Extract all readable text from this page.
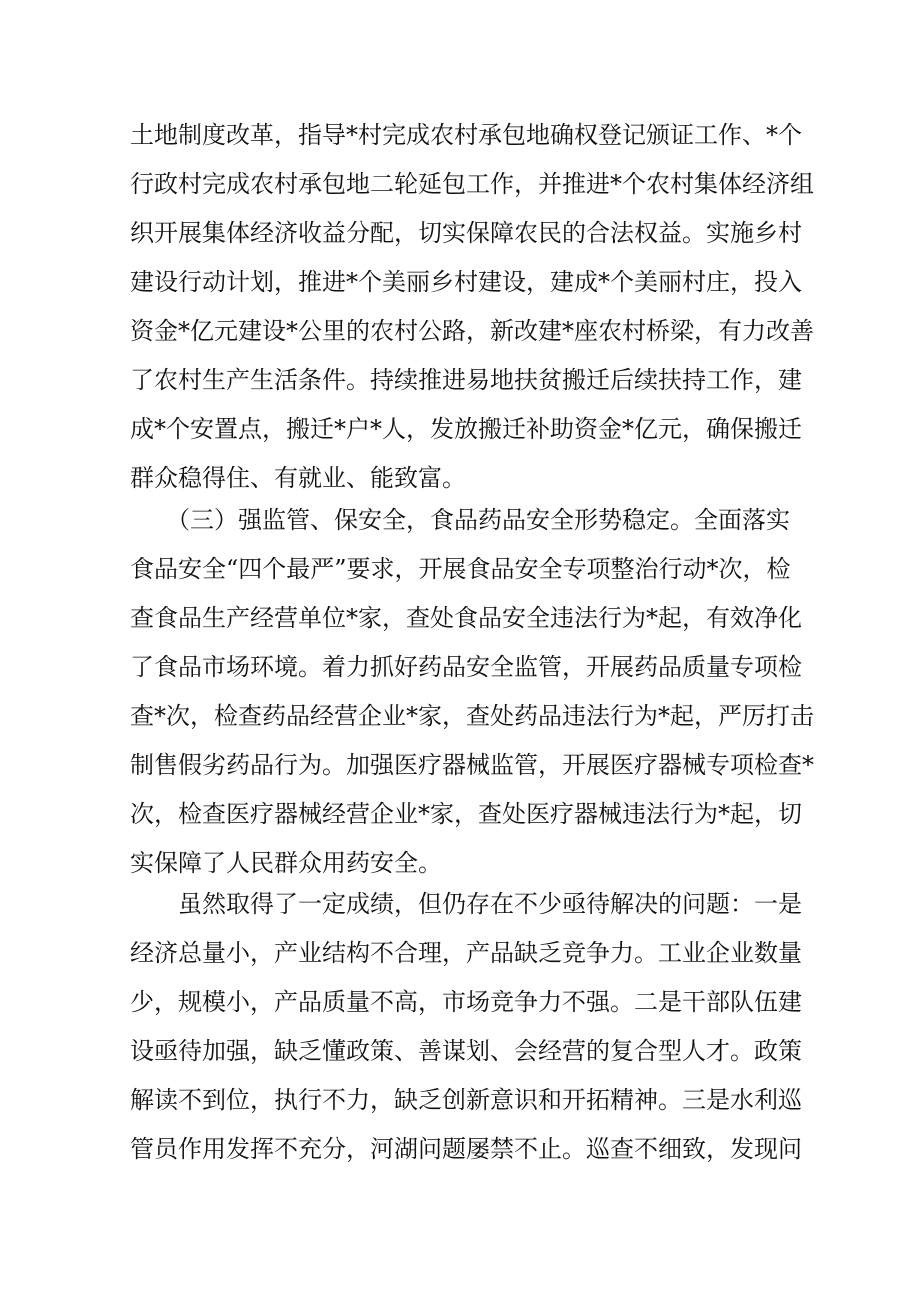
土地制度改革，指导*村完成农村承包地确权登记颁证工作、*个
行政村完成农村承包地二轮延包工作，并推进*个农村集体经济组
织开展集体经济收益分配，切实保障农民的合法权益。实施乡村
建设行动计划，推进*个美丽乡村建设，建成*个美丽村庄，投入
资金*亿元建设*公里的农村公路，新改建*座农村桥梁，有力改善
了农村生产生活条件。持续推进易地扶贫搬迁后续扶持工作，建
成*个安置点，搬迁*户*人，发放搬迁补助资金*亿元，确保搬迁
群众稳得住、有就业、能致富。
　　（三）强监管、保安全，食品药品安全形势稳定。全面落实
食品安全“四个最严”要求，开展食品安全专项整治行动*次，检
查食品生产经营单位*家，查处食品安全违法行为*起，有效净化
了食品市场环境。着力抓好药品安全监管，开展药品质量专项检
查*次，检查药品经营企业*家，查处药品违法行为*起，严厉打击
制售假劣药品行为。加强医疗器械监管，开展医疗器械专项检查*
次，检查医疗器械经营企业*家，查处医疗器械违法行为*起，切
实保障了人民群众用药安全。
　　虽然取得了一定成绩，但仍存在不少亟待解决的问题：一是
经济总量小，产业结构不合理，产品缺乏竞争力。工业企业数量
少，规模小，产品质量不高，市场竞争力不强。二是干部队伍建
设亟待加强，缺乏懂政策、善谋划、会经营的复合型人才。政策
解读不到位，执行不力，缺乏创新意识和开拓精神。三是水利巡
管员作用发挥不充分，河湖问题屡禁不止。巡查不细致，发现问
